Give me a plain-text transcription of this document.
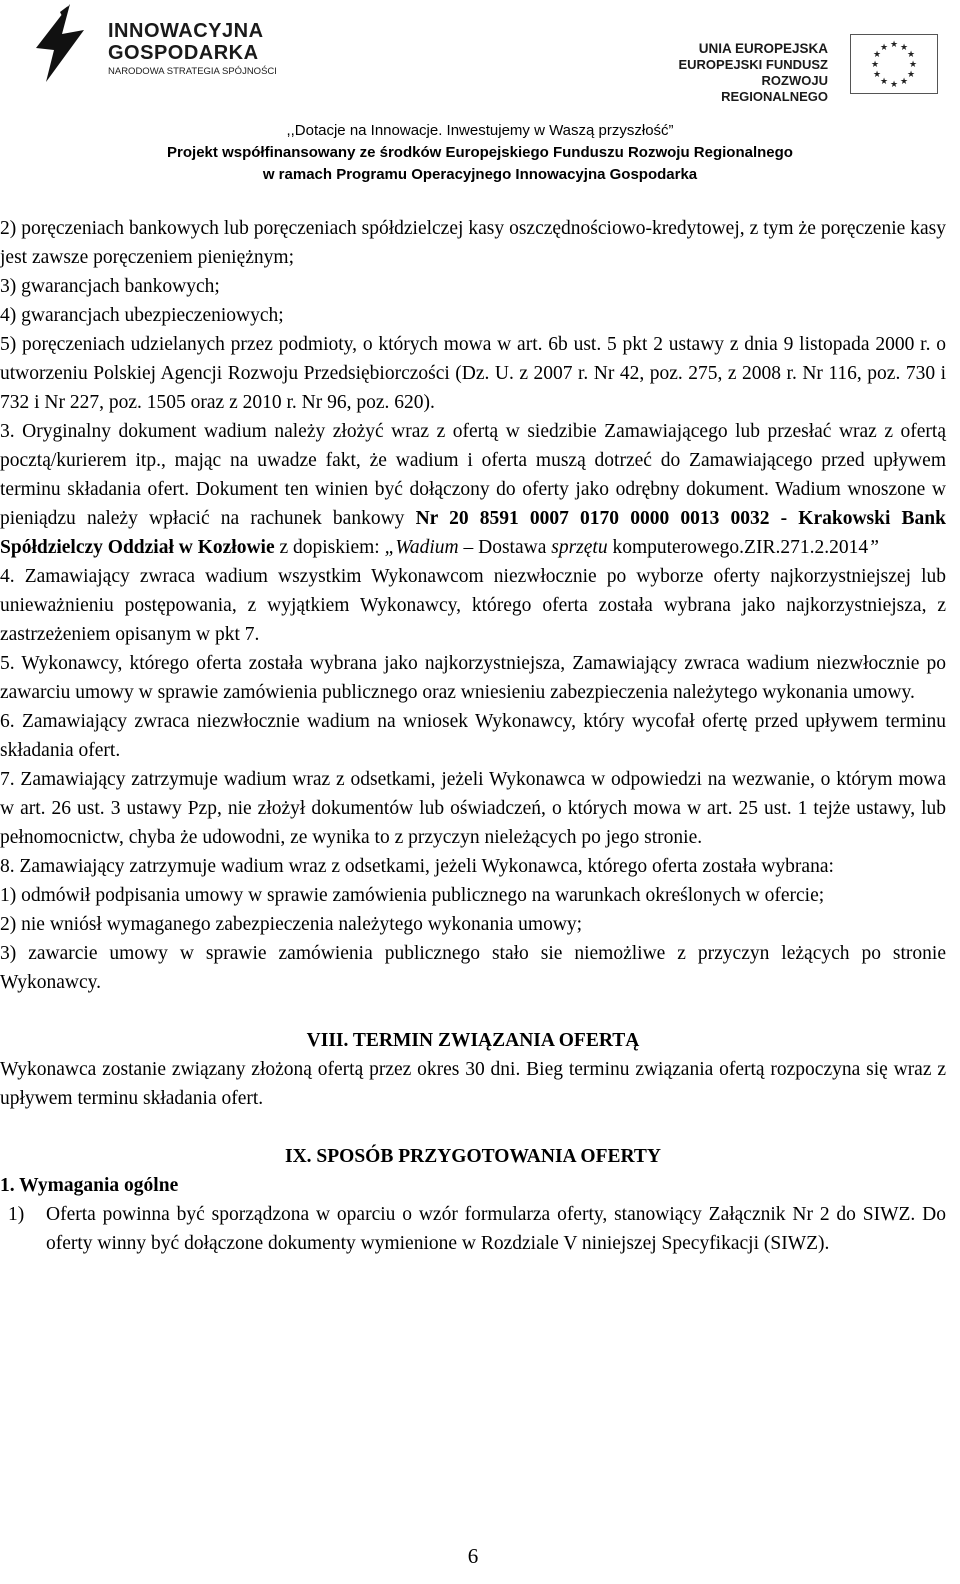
INNOWACYJNA
GOSPODARKA
NARODOWA STRATEGIA SPÓJNOŚCI
UNIA EUROPEJSKA
EUROPEJSKI FUNDUSZ
ROZWOJU REGIONALNEGO
★ ★
★
★
★
★
★
★
★
★
★
★
,,Dotacje na Innowacje. Inwestujemy w Waszą przyszłość”
Projekt współfinansowany ze środków Europejskiego Funduszu Rozwoju Regionalnego
w ramach Programu Operacyjnego Innowacyjna Gospodarka

2) poręczeniach bankowych lub poręczeniach spółdzielczej kasy oszczędnościowo-kredytowej, z tym że poręczenie kasy jest zawsze poręczeniem pieniężnym;

3) gwarancjach bankowych;

4) gwarancjach ubezpieczeniowych;

5) poręczeniach udzielanych przez podmioty, o których mowa w art. 6b ust. 5 pkt 2 ustawy z dnia 9 listopada 2000 r. o utworzeniu Polskiej Agencji Rozwoju Przedsiębiorczości (Dz. U. z 2007 r. Nr 42, poz. 275, z 2008 r. Nr 116, poz. 730 i 732 i Nr 227, poz. 1505 oraz z 2010 r. Nr 96, poz. 620).

3. Oryginalny dokument wadium należy złożyć wraz z ofertą w siedzibie Zamawiającego lub przesłać wraz z ofertą pocztą/kurierem itp., mając na uwadze fakt, że wadium i oferta muszą dotrzeć do Zamawiającego przed upływem terminu składania ofert. Dokument ten winien być dołączony do oferty jako odrębny dokument. Wadium wnoszone w pieniądzu należy wpłacić na rachunek bankowy Nr 20 8591 0007 0170 0000 0013 0032 - Krakowski Bank Spółdzielczy Oddział w Kozłowie z dopiskiem: „Wadium – Dostawa sprzętu komputerowego.ZIR.271.2.2014”

4. Zamawiający zwraca wadium wszystkim Wykonawcom niezwłocznie po wyborze oferty najkorzystniejszej lub unieważnieniu postępowania, z wyjątkiem Wykonawcy, którego oferta została wybrana jako najkorzystniejsza, z zastrzeżeniem opisanym w pkt 7.

5. Wykonawcy, którego oferta została wybrana jako najkorzystniejsza, Zamawiający zwraca wadium niezwłocznie po zawarciu umowy w sprawie zamówienia publicznego oraz wniesieniu zabezpieczenia należytego wykonania umowy.

6. Zamawiający zwraca niezwłocznie wadium na wniosek Wykonawcy, który wycofał ofertę przed upływem terminu składania ofert.

7. Zamawiający zatrzymuje wadium wraz z odsetkami, jeżeli Wykonawca w odpowiedzi na wezwanie, o którym mowa w art. 26 ust. 3 ustawy Pzp, nie złożył dokumentów lub oświadczeń, o których mowa w art. 25 ust. 1 tejże ustawy, lub pełnomocnictw, chyba że udowodni, ze wynika to z przyczyn nieleżących po jego stronie.

8. Zamawiający zatrzymuje wadium wraz z odsetkami, jeżeli Wykonawca, którego oferta została wybrana:

1) odmówił podpisania umowy w sprawie zamówienia publicznego na warunkach określonych w ofercie;

2) nie wniósł wymaganego zabezpieczenia należytego wykonania umowy;

3) zawarcie umowy w sprawie zamówienia publicznego stało sie niemożliwe z przyczyn leżących po stronie Wykonawcy.

VIII. TERMIN ZWIĄZANIA OFERTĄ

Wykonawca zostanie związany złożoną ofertą przez okres 30 dni. Bieg terminu związania ofertą rozpoczyna się wraz z upływem terminu składania ofert.

IX. SPOSÓB PRZYGOTOWANIA OFERTY

1. Wymagania ogólne

1) Oferta powinna być sporządzona w oparciu o wzór formularza oferty, stanowiący Załącznik Nr 2 do SIWZ. Do oferty winny być dołączone dokumenty wymienione w Rozdziale V niniejszej Specyfikacji (SIWZ).
6
